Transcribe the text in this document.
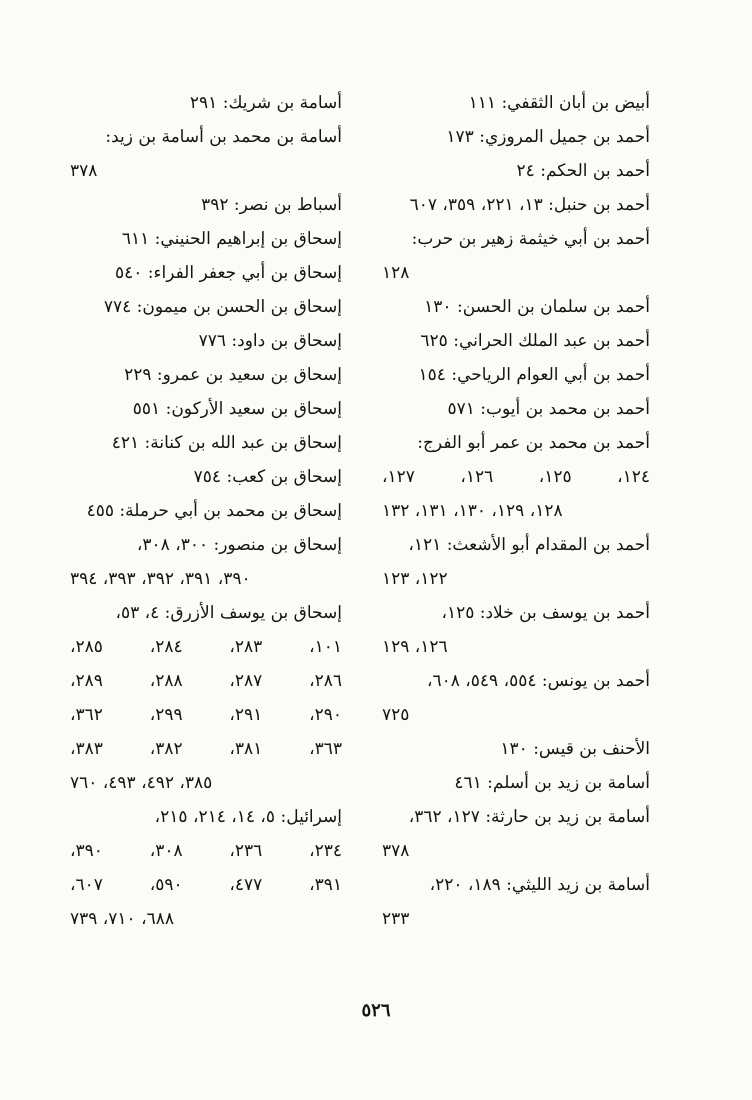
أبيض بن أبان الثقفي: ١١١
أحمد بن جميل المروزي: ١٧٣
أحمد بن الحكم: ٢٤
أحمد بن حنبل: ١٣، ٢٢١، ٣٥٩، ٦٠٧
أحمد بن أبي خيثمة زهير بن حرب:
١٢٨
أحمد بن سلمان بن الحسن: ١٣٠
أحمد بن عبد الملك الحراني: ٦٢٥
أحمد بن أبي العوام الرياحي: ١٥٤
أحمد بن محمد بن أيوب: ٥٧١
أحمد بن محمد بن عمر أبو الفرج:
١٢٤، ١٢٥، ١٢٦، ١٢٧،
١٢٨، ١٢٩، ١٣٠، ١٣١، ١٣٢
أحمد بن المقدام أبو الأشعث: ١٢١،
١٢٢، ١٢٣
أحمد بن يوسف بن خلاد: ١٢٥،
١٢٦، ١٢٩
أحمد بن يونس: ٥٥٤، ٥٤٩، ٦٠٨،
٧٢٥
الأحنف بن قيس: ١٣٠
أسامة بن زيد بن أسلم: ٤٦١
أسامة بن زيد بن حارثة: ١٢٧، ٣٦٢،
٣٧٨
أسامة بن زيد الليثي: ١٨٩، ٢٢٠،
٢٣٣
أسامة بن شريك: ٢٩١
أسامة بن محمد بن أسامة بن زيد:
٣٧٨
أسباط بن نصر: ٣٩٢
إسحاق بن إبراهيم الحنيني: ٦١١
إسحاق بن أبي جعفر الفراء: ٥٤٠
إسحاق بن الحسن بن ميمون: ٧٧٤
إسحاق بن داود: ٧٧٦
إسحاق بن سعيد بن عمرو: ٢٢٩
إسحاق بن سعيد الأركون: ٥٥١
إسحاق بن عبد الله بن كنانة: ٤٢١
إسحاق بن كعب: ٧٥٤
إسحاق بن محمد بن أبي حرملة: ٤٥٥
إسحاق بن منصور: ٣٠٠، ٣٠٨،
٣٩٠، ٣٩١، ٣٩٢، ٣٩٣، ٣٩٤
إسحاق بن يوسف الأزرق: ٤، ٥٣،
١٠١، ٢٨٣، ٢٨٤، ٢٨٥،
٢٨٦، ٢٨٧، ٢٨٨، ٢٨٩،
٢٩٠، ٢٩١، ٢٩٩، ٣٦٢،
٣٦٣، ٣٨١، ٣٨٢، ٣٨٣،
٣٨٥، ٤٩٢، ٤٩٣، ٧٦٠
إسرائيل: ٥، ١٤، ٢١٤، ٢١٥،
٢٣٤، ٢٣٦، ٣٠٨، ٣٩٠،
٣٩١، ٤٧٧، ٥٩٠، ٦٠٧،
٦٨٨، ٧١٠، ٧٣٩
٥٢٦
